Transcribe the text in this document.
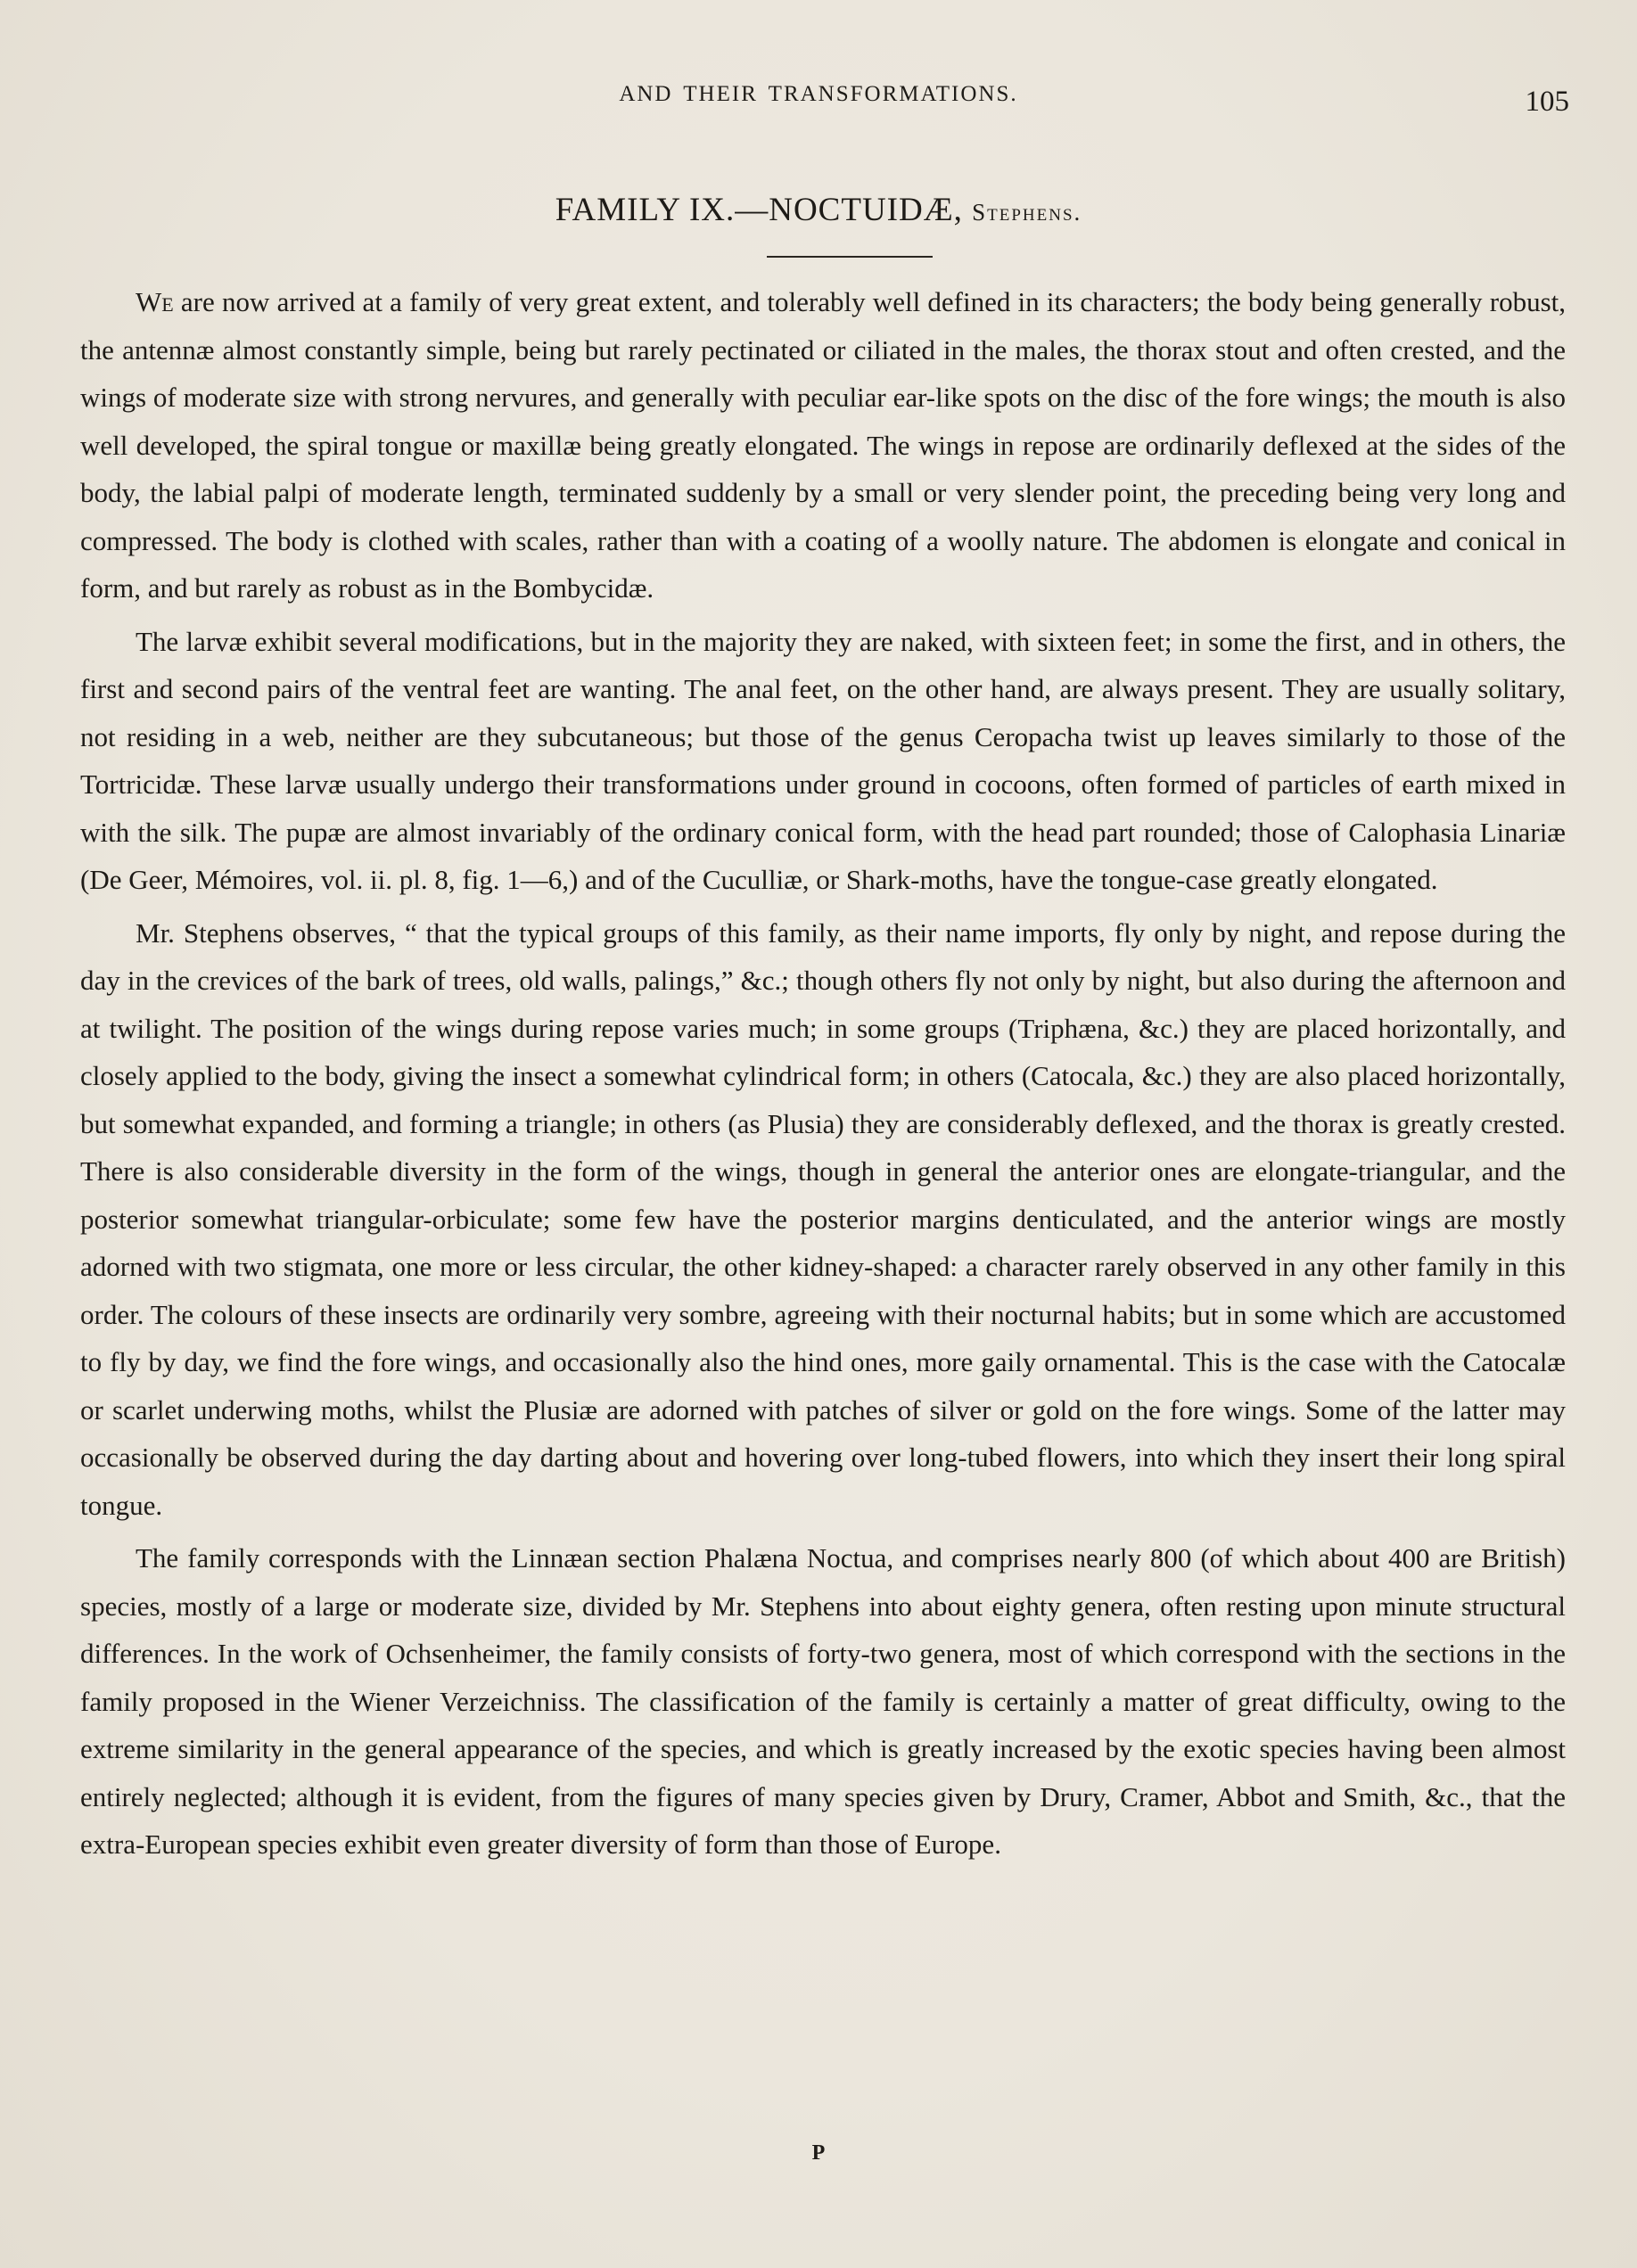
AND THEIR TRANSFORMATIONS.	105
FAMILY IX.—NOCTUIDÆ, Stephens.

We are now arrived at a family of very great extent, and tolerably well defined in its characters; the body being generally robust, the antennæ almost constantly simple, being but rarely pectinated or ciliated in the males, the thorax stout and often crested, and the wings of moderate size with strong nervures, and generally with peculiar ear-like spots on the disc of the fore wings; the mouth is also well developed, the spiral tongue or maxillæ being greatly elongated. The wings in repose are ordinarily deflexed at the sides of the body, the labial palpi of moderate length, terminated suddenly by a small or very slender point, the preceding being very long and compressed. The body is clothed with scales, rather than with a coating of a woolly nature. The abdomen is elongate and conical in form, and but rarely as robust as in the Bombycidæ.

The larvæ exhibit several modifications, but in the majority they are naked, with sixteen feet; in some the first, and in others, the first and second pairs of the ventral feet are wanting. The anal feet, on the other hand, are always present. They are usually solitary, not residing in a web, neither are they subcutaneous; but those of the genus Ceropacha twist up leaves similarly to those of the Tortricidæ. These larvæ usually undergo their transformations under ground in cocoons, often formed of particles of earth mixed in with the silk. The pupæ are almost invariably of the ordinary conical form, with the head part rounded; those of Calophasia Linariæ (De Geer, Mémoires, vol. ii. pl. 8, fig. 1—6,) and of the Cuculliæ, or Shark-moths, have the tongue-case greatly elongated.

Mr. Stephens observes, “ that the typical groups of this family, as their name imports, fly only by night, and repose during the day in the crevices of the bark of trees, old walls, palings,” &c.; though others fly not only by night, but also during the afternoon and at twilight. The position of the wings during repose varies much; in some groups (Triphæna, &c.) they are placed horizontally, and closely applied to the body, giving the insect a somewhat cylindrical form; in others (Catocala, &c.) they are also placed horizontally, but somewhat expanded, and forming a triangle; in others (as Plusia) they are considerably deflexed, and the thorax is greatly crested. There is also considerable diversity in the form of the wings, though in general the anterior ones are elongate-triangular, and the posterior somewhat triangular-orbiculate; some few have the posterior margins denticulated, and the anterior wings are mostly adorned with two stigmata, one more or less circular, the other kidney-shaped: a character rarely observed in any other family in this order. The colours of these insects are ordinarily very sombre, agreeing with their nocturnal habits; but in some which are accustomed to fly by day, we find the fore wings, and occasionally also the hind ones, more gaily ornamental. This is the case with the Catocalæ or scarlet underwing moths, whilst the Plusiæ are adorned with patches of silver or gold on the fore wings. Some of the latter may occasionally be observed during the day darting about and hovering over long-tubed flowers, into which they insert their long spiral tongue.

The family corresponds with the Linnæan section Phalæna Noctua, and comprises nearly 800 (of which about 400 are British) species, mostly of a large or moderate size, divided by Mr. Stephens into about eighty genera, often resting upon minute structural differences. In the work of Ochsenheimer, the family consists of forty-two genera, most of which correspond with the sections in the family proposed in the Wiener Verzeichniss. The classification of the family is certainly a matter of great difficulty, owing to the extreme similarity in the general appearance of the species, and which is greatly increased by the exotic species having been almost entirely neglected; although it is evident, from the figures of many species given by Drury, Cramer, Abbot and Smith, &c., that the extra-European species exhibit even greater diversity of form than those of Europe.

P
